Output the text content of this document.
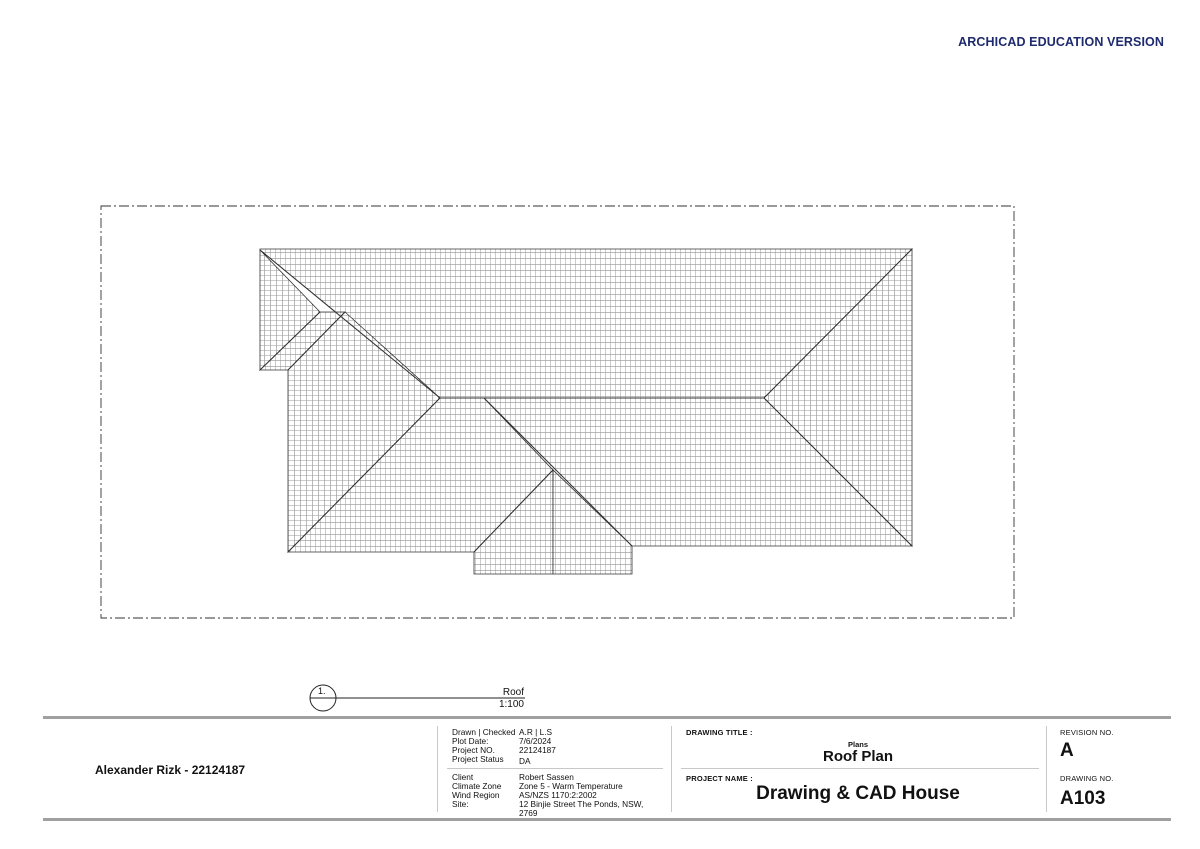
ARCHICAD EDUCATION VERSION
1.	Roof
1:100
Alexander Rizk - 22124187
Drawn | Checked
Plot Date:
Project NO.
Project Status
A.R | L.S
7/6/2024
22124187
DA
Client
Climate Zone
Wind Region
Site:
Robert Sassen
Zone 5 - Warm Temperature
AS/NZS 1170:2:2002
12 Binjie Street The Ponds, NSW,
2769
DRAWING TITLE :
Plans
Roof Plan
PROJECT NAME :
Drawing & CAD House
REVISION NO.
A
DRAWING NO.
A103
